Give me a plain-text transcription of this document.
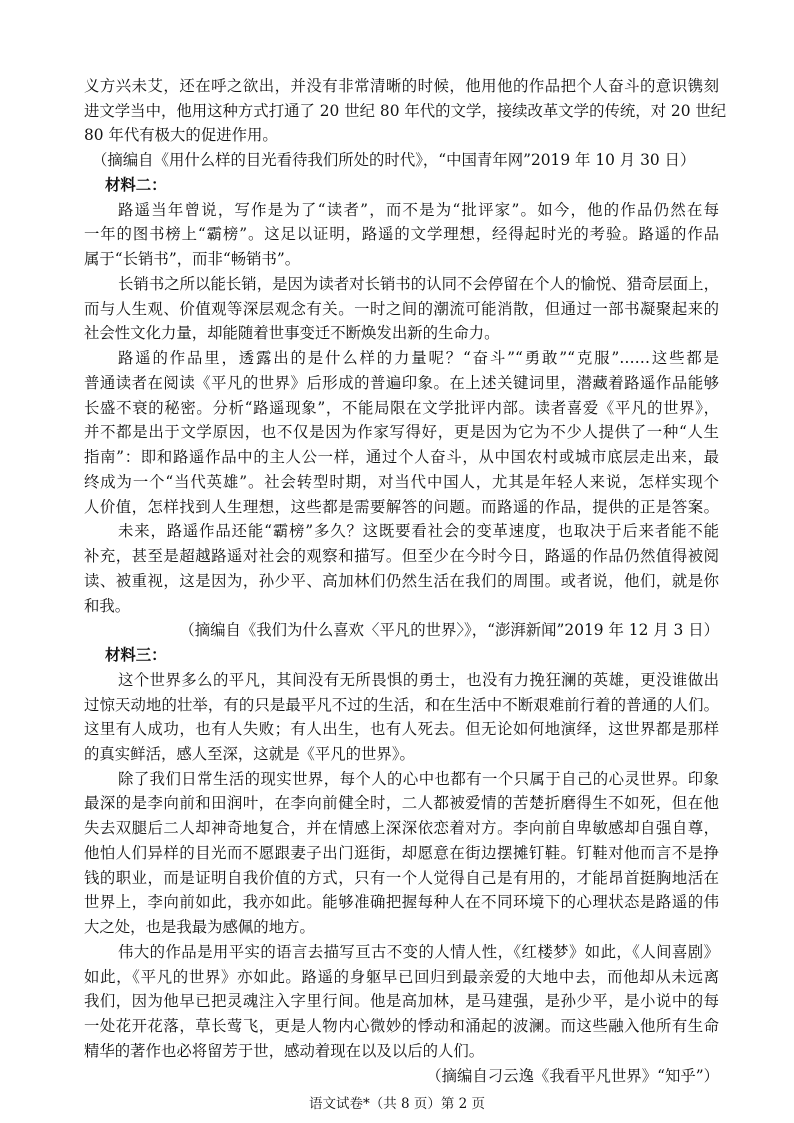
义方兴未艾，还在呼之欲出，并没有非常清晰的时候，他用他的作品把个人奋斗的意识镌刻
进文学当中，他用这种方式打通了 20 世纪 80 年代的文学，接续改革文学的传统，对 20 世纪
80 年代有极大的促进作用。
（摘编自《用什么样的目光看待我们所处的时代》，“中国青年网”2019 年 10 月 30 日）
材料二：
路遥当年曾说，写作是为了“读者”，而不是为“批评家”。如今，他的作品仍然在每
一年的图书榜上“霸榜”。这足以证明，路遥的文学理想，经得起时光的考验。路遥的作品
属于“长销书”，而非“畅销书”。
长销书之所以能长销，是因为读者对长销书的认同不会停留在个人的愉悦、猎奇层面上，
而与人生观、价值观等深层观念有关。一时之间的潮流可能消散，但通过一部书凝聚起来的
社会性文化力量，却能随着世事变迁不断焕发出新的生命力。
路遥的作品里，透露出的是什么样的力量呢？“奋斗”“勇敢”“克服”……这些都是
普通读者在阅读《平凡的世界》后形成的普遍印象。在上述关键词里，潜藏着路遥作品能够
长盛不衰的秘密。分析“路遥现象”，不能局限在文学批评内部。读者喜爱《平凡的世界》，
并不都是出于文学原因，也不仅是因为作家写得好，更是因为它为不少人提供了一种“人生
指南”：即和路遥作品中的主人公一样，通过个人奋斗，从中国农村或城市底层走出来，最
终成为一个“当代英雄”。社会转型时期，对当代中国人，尤其是年轻人来说，怎样实现个
人价值，怎样找到人生理想，这些都是需要解答的问题。而路遥的作品，提供的正是答案。
未来，路遥作品还能“霸榜”多久？这既要看社会的变革速度，也取决于后来者能不能
补充，甚至是超越路遥对社会的观察和描写。但至少在今时今日，路遥的作品仍然值得被阅
读、被重视，这是因为，孙少平、高加林们仍然生活在我们的周围。或者说，他们，就是你
和我。
（摘编自《我们为什么喜欢〈平凡的世界〉》，“澎湃新闻”2019 年 12 月 3 日）
材料三：
这个世界多么的平凡，其间没有无所畏惧的勇士，也没有力挽狂澜的英雄，更没谁做出
过惊天动地的壮举，有的只是最平凡不过的生活，和在生活中不断艰难前行着的普通的人们。
这里有人成功，也有人失败；有人出生，也有人死去。但无论如何地演绎，这世界都是那样
的真实鲜活，感人至深，这就是《平凡的世界》。
除了我们日常生活的现实世界，每个人的心中也都有一个只属于自己的心灵世界。印象
最深的是李向前和田润叶，在李向前健全时，二人都被爱情的苦楚折磨得生不如死，但在他
失去双腿后二人却神奇地复合，并在情感上深深依恋着对方。李向前自卑敏感却自强自尊，
他怕人们异样的目光而不愿跟妻子出门逛街，却愿意在街边摆摊钉鞋。钉鞋对他而言不是挣
钱的职业，而是证明自我价值的方式，只有一个人觉得自己是有用的，才能昂首挺胸地活在
世界上，李向前如此，我亦如此。能够准确把握每种人在不同环境下的心理状态是路遥的伟
大之处，也是我最为感佩的地方。
伟大的作品是用平实的语言去描写亘古不变的人情人性，《红楼梦》如此，《人间喜剧》
如此，《平凡的世界》亦如此。路遥的身躯早已回归到最亲爱的大地中去，而他却从未远离
我们，因为他早已把灵魂注入字里行间。他是高加林，是马建强，是孙少平，是小说中的每
一处花开花落，草长莺飞，更是人物内心微妙的悸动和涌起的波澜。而这些融入他所有生命
精华的著作也必将留芳于世，感动着现在以及以后的人们。
（摘编自刁云逸《我看平凡世界》“知乎”）
语文试卷*（共 8 页）第 2 页
